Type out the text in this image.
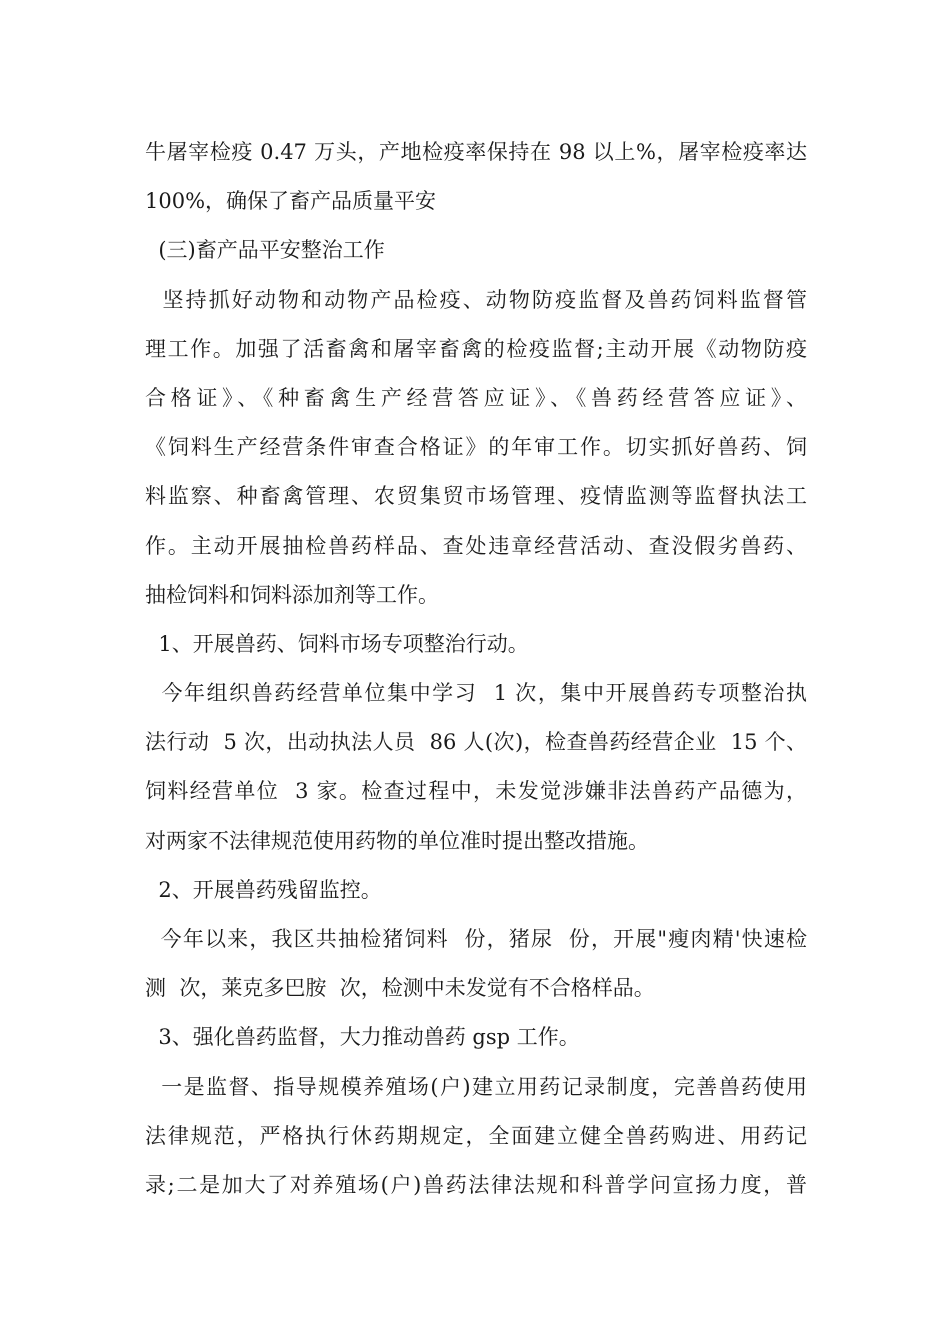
牛屠宰检疫 0.47 万头，产地检疫率保持在 98 以上%，屠宰检疫率达
100%，确保了畜产品质量平安
(三)畜产品平安整治工作
坚持抓好动物和动物产品检疫、动物防疫监督及兽药饲料监督管
理工作。加强了活畜禽和屠宰畜禽的检疫监督;主动开展《动物防疫
合格证》、《种畜禽生产经营答应证》、《兽药经营答应证》、
《饲料生产经营条件审查合格证》的年审工作。切实抓好兽药、饲
料监察、种畜禽管理、农贸集贸市场管理、疫情监测等监督执法工
作。主动开展抽检兽药样品、查处违章经营活动、查没假劣兽药、
抽检饲料和饲料添加剂等工作。
1、开展兽药、饲料市场专项整治行动。
今年组织兽药经营单位集中学习  1 次，集中开展兽药专项整治执
法行动  5 次，出动执法人员  86 人(次)，检查兽药经营企业  15 个、
饲料经营单位  3 家。检查过程中，未发觉涉嫌非法兽药产品德为，
对两家不法律规范使用药物的单位准时提出整改措施。
2、开展兽药残留监控。
今年以来，我区共抽检猪饲料  份，猪尿  份，开展"瘦肉精'快速检
测  次，莱克多巴胺  次，检测中未发觉有不合格样品。
3、强化兽药监督，大力推动兽药 gsp 工作。
一是监督、指导规模养殖场(户)建立用药记录制度，完善兽药使用
法律规范，严格执行休药期规定，全面建立健全兽药购进、用药记
录;二是加大了对养殖场(户)兽药法律法规和科普学问宣扬力度，普
